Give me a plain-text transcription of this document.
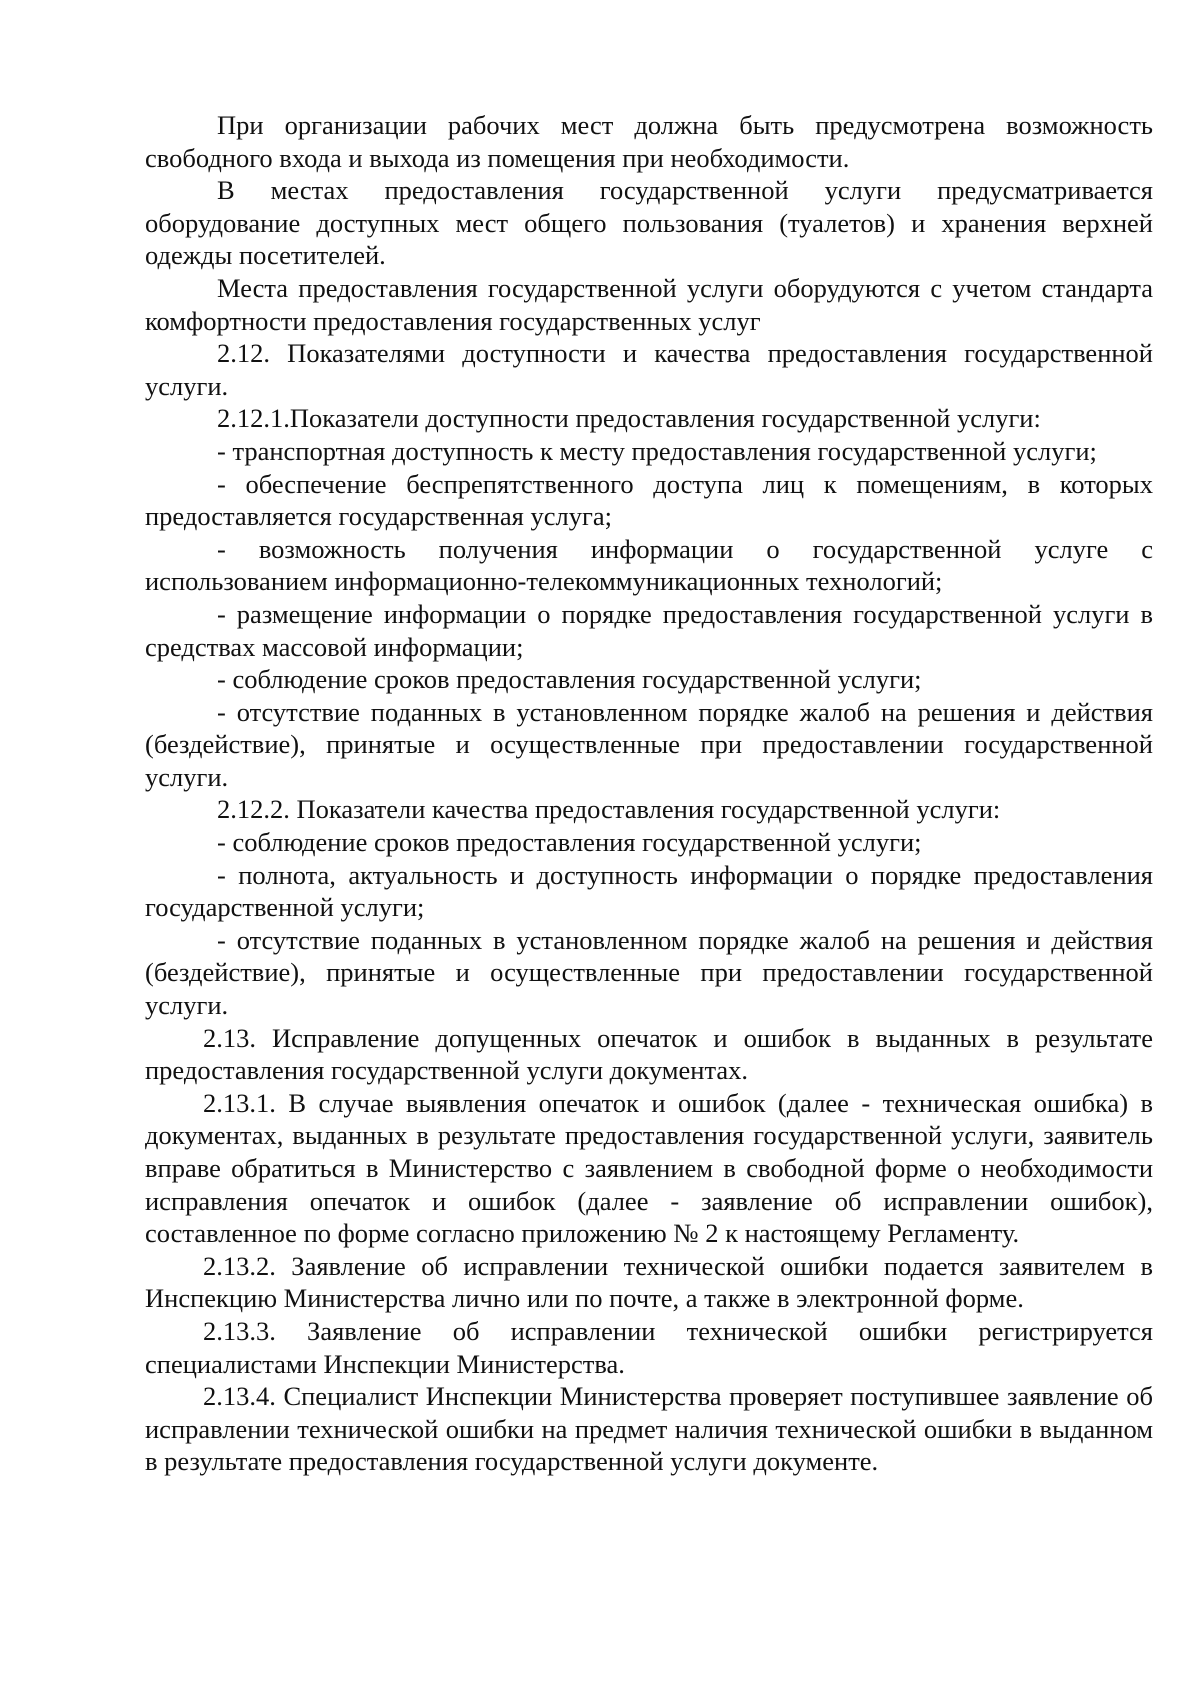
При организации рабочих мест должна быть предусмотрена возможность свободного входа и выхода из помещения при необходимости.

В местах предоставления государственной услуги предусматривается оборудование доступных мест общего пользования (туалетов) и хранения верхней одежды посетителей.

Места предоставления государственной услуги оборудуются с учетом стандарта комфортности предоставления государственных услуг

2.12. Показателями доступности и качества предоставления государственной услуги.

2.12.1.Показатели доступности предоставления государственной услуги:

- транспортная доступность к месту предоставления государственной услуги;

- обеспечение беспрепятственного доступа лиц к помещениям, в которых предоставляется государственная услуга;

- возможность получения информации о государственной услуге с использованием информационно-телекоммуникационных технологий;

- размещение информации о порядке предоставления государственной услуги в средствах массовой информации;

- соблюдение сроков предоставления государственной услуги;

- отсутствие поданных в установленном порядке жалоб на решения и действия (бездействие), принятые и осуществленные при предоставлении государственной услуги.

2.12.2. Показатели качества предоставления государственной услуги:

- соблюдение сроков предоставления государственной услуги;

- полнота, актуальность и доступность информации о порядке предоставления государственной услуги;

- отсутствие поданных в установленном порядке жалоб на решения и действия (бездействие), принятые и осуществленные при предоставлении государственной услуги.

2.13. Исправление допущенных опечаток и ошибок в выданных в результате предоставления государственной услуги документах.

2.13.1. В случае выявления опечаток и ошибок (далее - техническая ошибка) в документах, выданных в результате предоставления государственной услуги, заявитель вправе обратиться в Министерство с заявлением в свободной форме о необходимости исправления опечаток и ошибок (далее - заявление об исправлении ошибок), составленное по форме согласно приложению № 2 к настоящему Регламенту.

2.13.2. Заявление об исправлении технической ошибки подается заявителем в Инспекцию Министерства лично или по почте, а также в электронной форме.

2.13.3. Заявление об исправлении технической ошибки регистрируется специалистами Инспекции Министерства.

2.13.4. Специалист Инспекции Министерства проверяет поступившее заявление об исправлении технической ошибки на предмет наличия технической ошибки в выданном в результате предоставления государственной услуги документе.
